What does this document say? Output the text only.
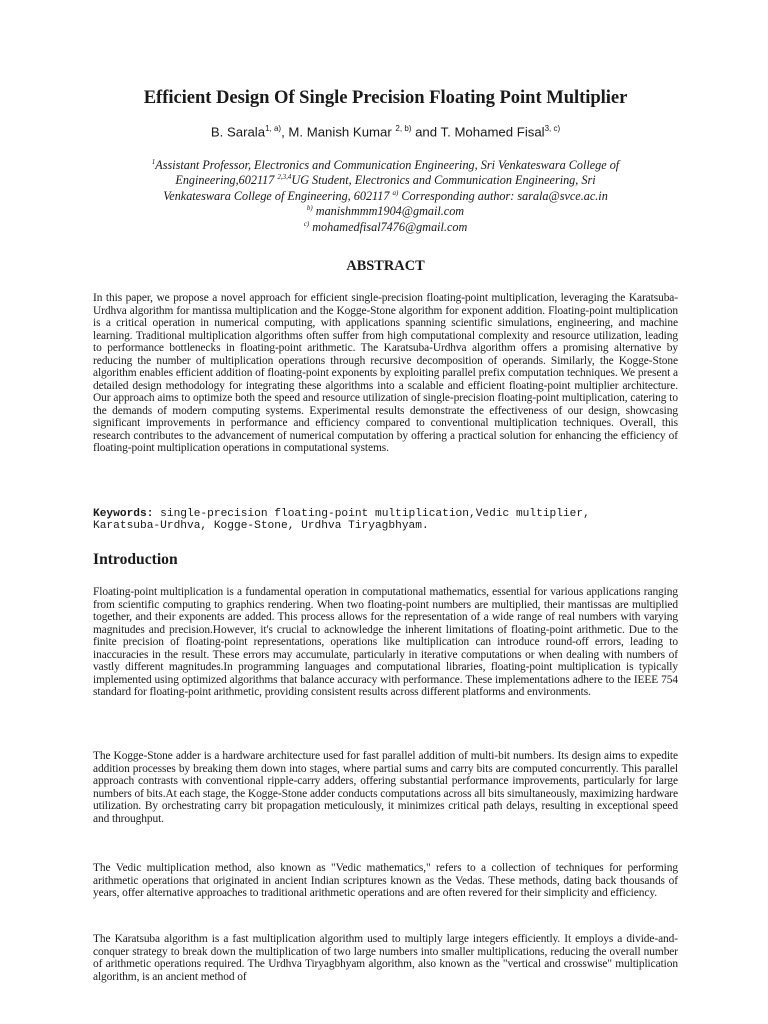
Efficient Design Of Single Precision Floating Point Multiplier
B. Sarala$^{1, a)}$, M. Manish Kumar $^{2, b)}$ and T. Mohamed Fisal$^{3, c)}$
$^1$Assistant Professor, Electronics and Communication Engineering, Sri Venkateswara College of
Engineering,602117 $^{2,3,4}$UG Student, Electronics and Communication Engineering, Sri
Venkateswara College of Engineering, 602117 $^{a)}$ Corresponding author: sarala@svce.ac.in
$^{b)}$ manishmmm1904@gmail.com
$^{c)}$ mohamedfisal7476@gmail.com
ABSTRACT

In this paper, we propose a novel approach for efficient single-precision floating-point multiplication, leveraging the Karatsuba-Urdhva algorithm for mantissa multiplication and the Kogge-Stone algorithm for exponent addition. Floating-point multiplication is a critical operation in numerical computing, with applications spanning scientific simulations, engineering, and machine learning. Traditional multiplication algorithms often suffer from high computational complexity and resource utilization, leading to performance bottlenecks in floating-point arithmetic. The Karatsuba-Urdhva algorithm offers a promising alternative by reducing the number of multiplication operations through recursive decomposition of operands. Similarly, the Kogge-Stone algorithm enables efficient addition of floating-point exponents by exploiting parallel prefix computation techniques. We present a detailed design methodology for integrating these algorithms into a scalable and efficient floating-point multiplier architecture. Our approach aims to optimize both the speed and resource utilization of single-precision floating-point multiplication, catering to the demands of modern computing systems. Experimental results demonstrate the effectiveness of our design, showcasing significant improvements in performance and efficiency compared to conventional multiplication techniques. Overall, this research contributes to the advancement of numerical computation by offering a practical solution for enhancing the efficiency of floating-point multiplication operations in computational systems.

Keywords: single-precision floating-point multiplication,Vedic multiplier,
Karatsuba-Urdhva, Kogge-Stone, Urdhva Tiryagbhyam.
Introduction

Floating-point multiplication is a fundamental operation in computational mathematics, essential for various applications ranging from scientific computing to graphics rendering. When two floating-point numbers are multiplied, their mantissas are multiplied together, and their exponents are added. This process allows for the representation of a wide range of real numbers with varying magnitudes and precision.However, it's crucial to acknowledge the inherent limitations of floating-point arithmetic. Due to the finite precision of floating-point representations, operations like multiplication can introduce round-off errors, leading to inaccuracies in the result. These errors may accumulate, particularly in iterative computations or when dealing with numbers of vastly different magnitudes.In programming languages and computational libraries, floating-point multiplication is typically implemented using optimized algorithms that balance accuracy with performance. These implementations adhere to the IEEE 754 standard for floating-point arithmetic, providing consistent results across different platforms and environments.

The Kogge-Stone adder is a hardware architecture used for fast parallel addition of multi-bit numbers. Its design aims to expedite addition processes by breaking them down into stages, where partial sums and carry bits are computed concurrently. This parallel approach contrasts with conventional ripple-carry adders, offering substantial performance improvements, particularly for large numbers of bits.At each stage, the Kogge-Stone adder conducts computations across all bits simultaneously, maximizing hardware utilization. By orchestrating carry bit propagation meticulously, it minimizes critical path delays, resulting in exceptional speed and throughput.

The Vedic multiplication method, also known as "Vedic mathematics," refers to a collection of techniques for performing arithmetic operations that originated in ancient Indian scriptures known as the Vedas. These methods, dating back thousands of years, offer alternative approaches to traditional arithmetic operations and are often revered for their simplicity and efficiency.

The Karatsuba algorithm is a fast multiplication algorithm used to multiply large integers efficiently. It employs a divide-and-conquer strategy to break down the multiplication of two large numbers into smaller multiplications, reducing the overall number of arithmetic operations required. The Urdhva Tiryagbhyam algorithm, also known as the "vertical and crosswise" multiplication algorithm, is an ancient method of
